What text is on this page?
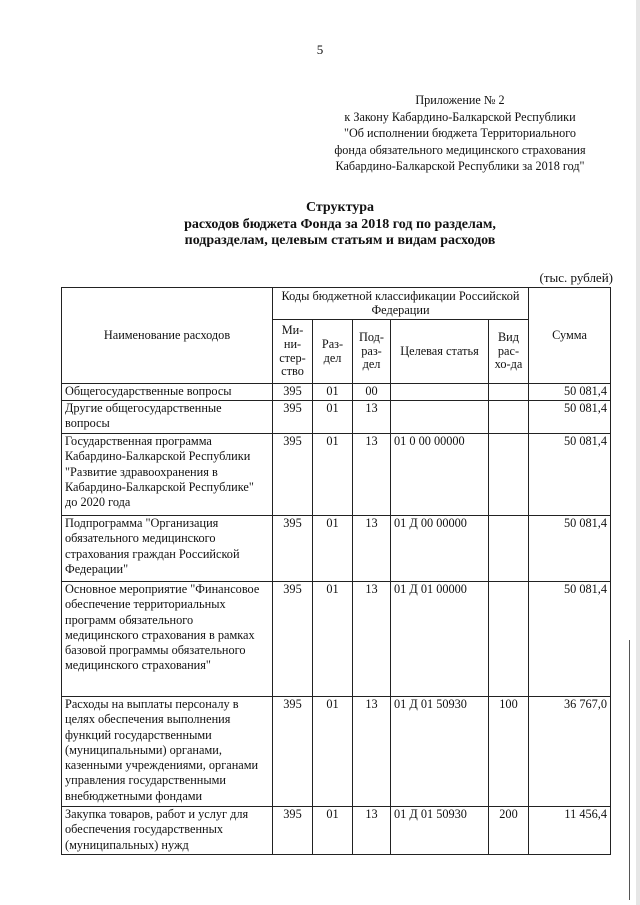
5
Приложение № 2
к Закону Кабардино-Балкарской Республики
"Об исполнении бюджета Территориального
фонда обязательного медицинского страхования
Кабардино-Балкарской Республики за 2018 год"
Структура
расходов бюджета Фонда за 2018 год по разделам,
подразделам, целевым статьям и видам расходов
(тыс. рублей)
Наименование расходов	Коды бюджетной классификации Российской Федерации					Сумма
	Ми-ни-стер-ство	Раз-дел	Под-раз-дел	Целевая статья	Вид рас-хо-да	
Общегосударственные вопросы	395	01	00			50 081,4
Другие общегосударственные вопросы	395	01	13			50 081,4
Государственная программа Кабардино-Балкарской Республики "Развитие здравоохранения в Кабардино-Балкарской Республике" до 2020 года	395	01	13	01 0 00 00000		50 081,4
Подпрограмма "Организация обязательного медицинского страхования граждан Российской Федерации"	395	01	13	01 Д 00 00000		50 081,4
Основное мероприятие "Финансовое обеспечение территориальных программ обязательного медицинского страхования в рамках базовой программы обязательного медицинского страхования"	395	01	13	01 Д 01 00000		50 081,4
Расходы на выплаты персоналу в целях обеспечения выполнения функций государственными (муниципальными) органами, казенными учреждениями, органами управления государственными внебюджетными фондами	395	01	13	01 Д 01 50930	100	36 767,0
Закупка товаров, работ и услуг для обеспечения государственных (муниципальных) нужд	395	01	13	01 Д 01 50930	200	11 456,4
